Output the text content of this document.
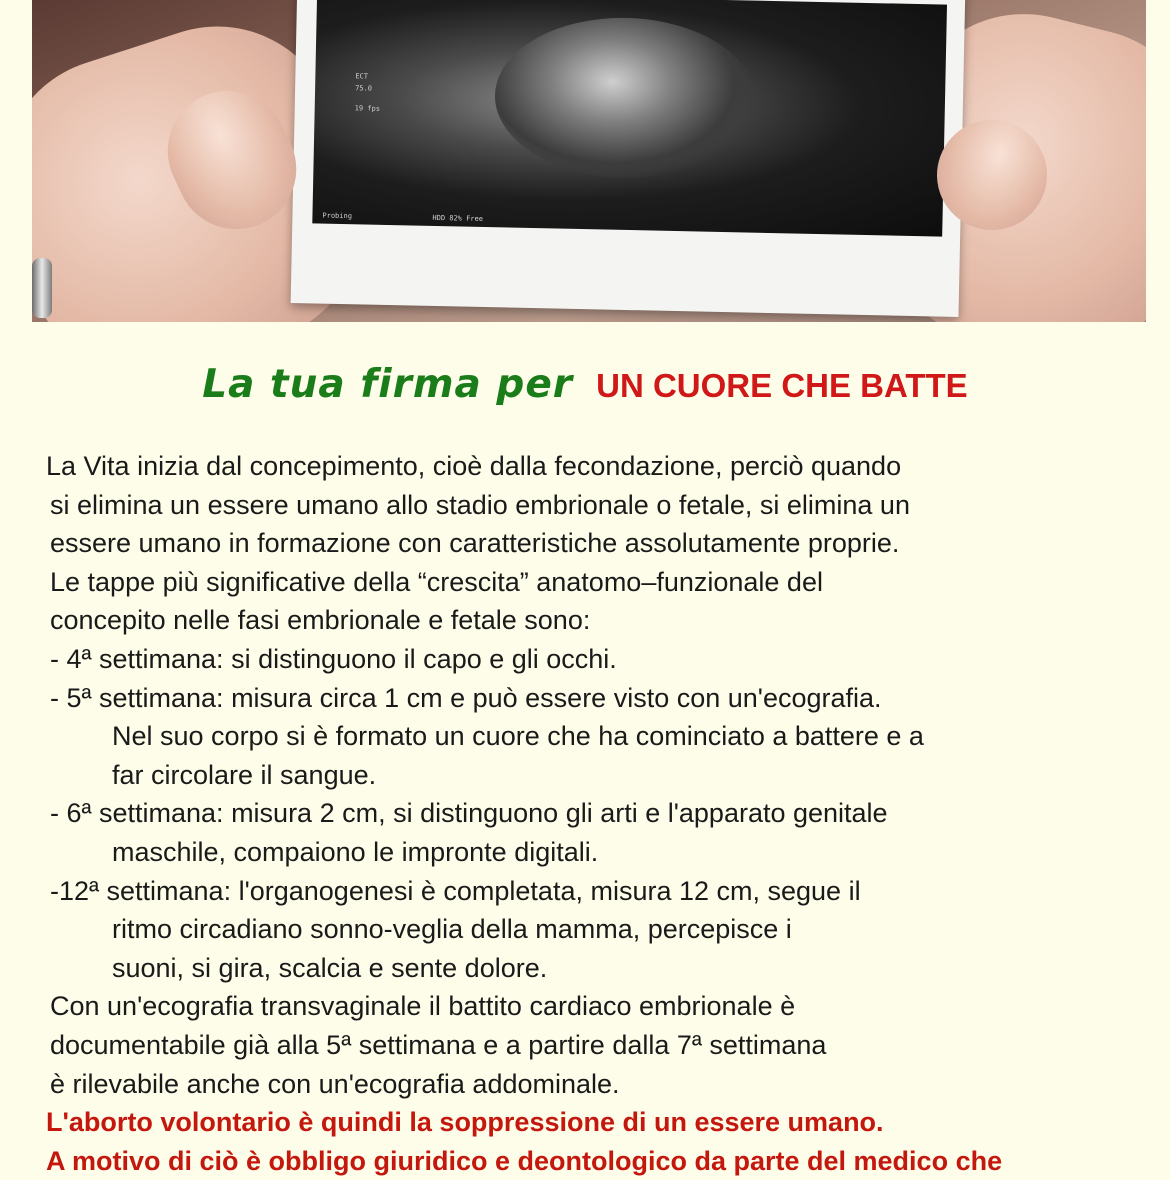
ECT
75.0
19 fps
Probing	HDD 82% Free
La tua firma per UN CUORE CHE BATTE
La Vita inizia dal concepimento, cioè dalla fecondazione, perciò quando
si elimina un essere umano allo stadio embrionale o fetale, si elimina un
essere umano in formazione con caratteristiche assolutamente proprie.
Le tappe più significative della “crescita” anatomo–funzionale del
concepito nelle fasi embrionale e fetale sono:
- 4ª settimana: si distinguono il capo e gli occhi.
- 5ª settimana: misura circa 1 cm e può essere visto con un'ecografia.
Nel suo corpo si è formato un cuore che ha cominciato a battere e a
far circolare il sangue.
- 6ª settimana: misura 2 cm, si distinguono gli arti e l'apparato genitale
maschile, compaiono le impronte digitali.
-12ª settimana: l'organogenesi è completata, misura 12 cm, segue il
ritmo circadiano sonno-veglia della mamma, percepisce i
suoni, si gira, scalcia e sente dolore.
Con un'ecografia transvaginale il battito cardiaco embrionale è
documentabile già alla 5ª settimana e a partire dalla 7ª settimana
è rilevabile anche con un'ecografia addominale.
L'aborto volontario è quindi la soppressione di un essere umano.
A motivo di ciò è obbligo giuridico e deontologico da parte del medico che
